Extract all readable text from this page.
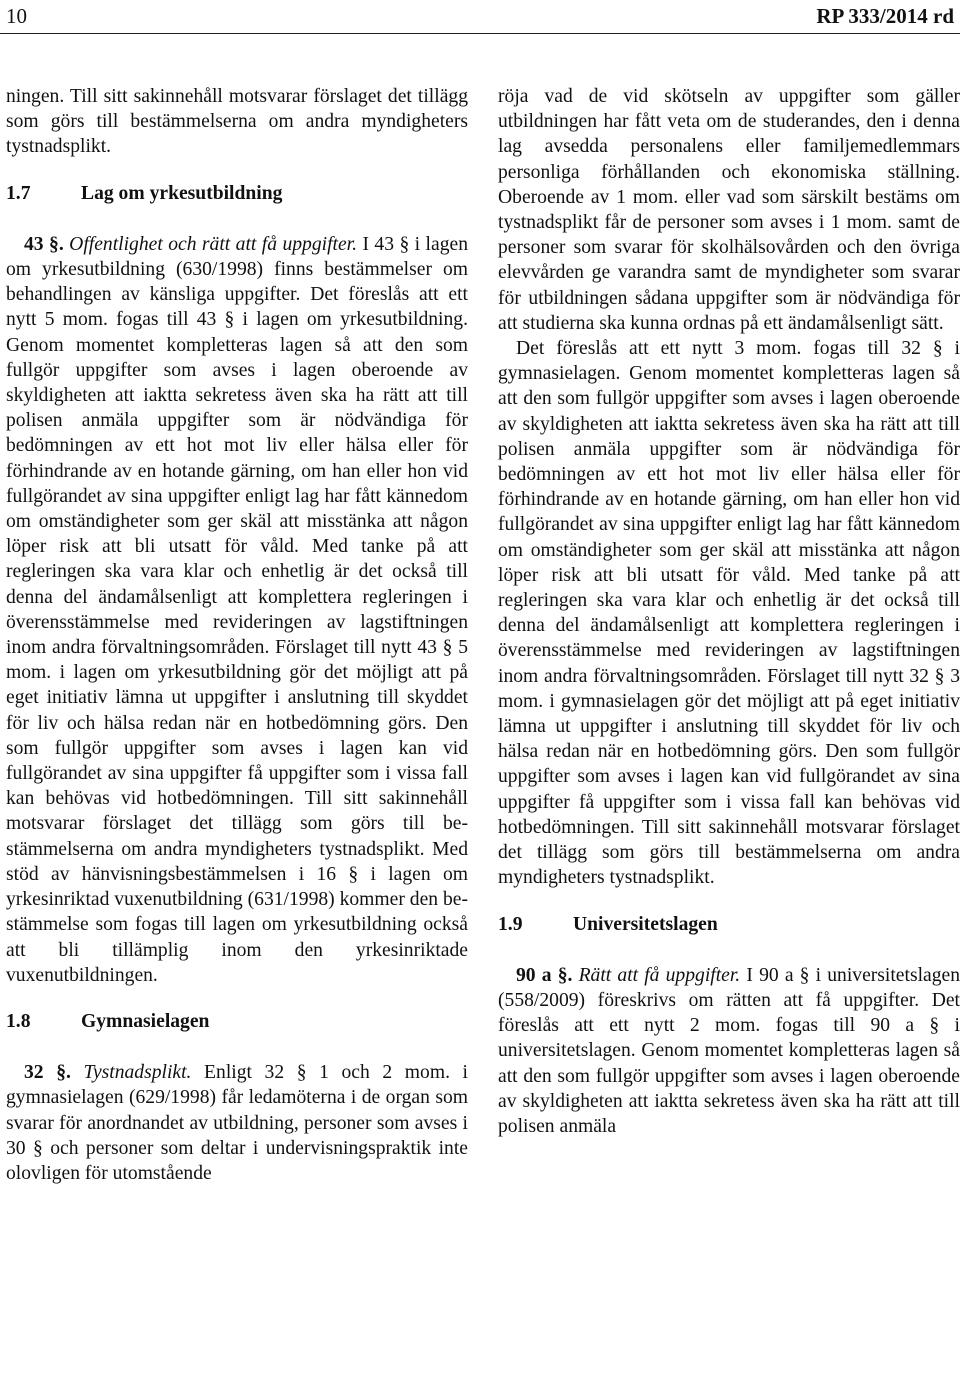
10	RP 333/2014 rd

ningen. Till sitt sakinnehåll motsvarar förslaget det tillägg som görs till bestämmelserna om andra myndigheters tystnadsplikt.

1.7	Lag om yrkesutbildning

43 §. Offentlighet och rätt att få uppgifter. I 43 § i lagen om yrkesutbildning (630/1998) finns bestämmelser om behandlingen av känsliga uppgifter. Det föreslås att ett nytt 5 mom. fogas till 43 § i lagen om yrkesutbildning. Genom momentet kompletteras lagen så att den som fullgör uppgifter som avses i lagen oberoende av skyldigheten att iaktta sekretess även ska ha rätt att till polisen anmäla uppgifter som är nödvändiga för bedömningen av ett hot mot liv eller hälsa eller för förhindrande av en hotande gärning, om han eller hon vid fullgörandet av sina uppgifter enligt lag har fått kännedom om omständigheter som ger skäl att misstänka att någon löper risk att bli utsatt för våld. Med tanke på att regleringen ska vara klar och enhetlig är det också till denna del ändamålsenligt att komplettera regleringen i överensstämmelse med revideringen av lagstiftningen inom andra förvaltningsområden. Förslaget till nytt 43 § 5 mom. i lagen om yrkesutbildning gör det möjligt att på eget initiativ lämna ut uppgifter i anslutning till skyddet för liv och hälsa redan när en hotbedömning görs. Den som fullgör uppgifter som avses i lagen kan vid fullgörandet av sina uppgifter få uppgifter som i vissa fall kan behövas vid hotbedömningen. Till sitt sakinnehåll motsvarar förslaget det tillägg som görs till bestämmelserna om andra myndigheters tystnadsplikt. Med stöd av hänvisningsbestämmelsen i 16 § i lagen om yrkesinriktad vuxenutbildning (631/1998) kommer den bestämmelse som fogas till lagen om yrkesutbildning också att bli tillämplig inom den yrkesinriktade vuxenutbildningen.

1.8	Gymnasielagen

32 §. Tystnadsplikt. Enligt 32 § 1 och 2 mom. i gymnasielagen (629/1998) får ledamöterna i de organ som svarar för anordnandet av utbildning, personer som avses i 30 § och personer som deltar i undervisningspraktik inte olovligen för utomstående

röja vad de vid skötseln av uppgifter som gäller utbildningen har fått veta om de studerandes, den i denna lag avsedda personalens eller familjemedlemmars personliga förhållanden och ekonomiska ställning. Oberoende av 1 mom. eller vad som särskilt bestäms om tystnadsplikt får de personer som avses i 1 mom. samt de personer som svarar för skolhälsovården och den övriga elevvården ge varandra samt de myndigheter som svarar för utbildningen sådana uppgifter som är nödvändiga för att studierna ska kunna ordnas på ett ändamålsenligt sätt.

Det föreslås att ett nytt 3 mom. fogas till 32 § i gymnasielagen. Genom momentet kompletteras lagen så att den som fullgör uppgifter som avses i lagen oberoende av skyldigheten att iaktta sekretess även ska ha rätt att till polisen anmäla uppgifter som är nödvändiga för bedömningen av ett hot mot liv eller hälsa eller för förhindrande av en hotande gärning, om han eller hon vid fullgörandet av sina uppgifter enligt lag har fått kännedom om omständigheter som ger skäl att misstänka att någon löper risk att bli utsatt för våld. Med tanke på att regleringen ska vara klar och enhetlig är det också till denna del ändamålsenligt att komplettera regleringen i överensstämmelse med revideringen av lagstiftningen inom andra förvaltningsområden. Förslaget till nytt 32 § 3 mom. i gymnasielagen gör det möjligt att på eget initiativ lämna ut uppgifter i anslutning till skyddet för liv och hälsa redan när en hotbedömning görs. Den som fullgör uppgifter som avses i lagen kan vid fullgörandet av sina uppgifter få uppgifter som i vissa fall kan behövas vid hotbedömningen. Till sitt sakinnehåll motsvarar förslaget det tillägg som görs till bestämmelserna om andra myndigheters tystnadsplikt.

1.9	Universitetslagen

90 a §. Rätt att få uppgifter. I 90 a § i universitetslagen (558/2009) föreskrivs om rätten att få uppgifter. Det föreslås att ett nytt 2 mom. fogas till 90 a § i universitetslagen. Genom momentet kompletteras lagen så att den som fullgör uppgifter som avses i lagen oberoende av skyldigheten att iaktta sekretess även ska ha rätt att till polisen anmäla
